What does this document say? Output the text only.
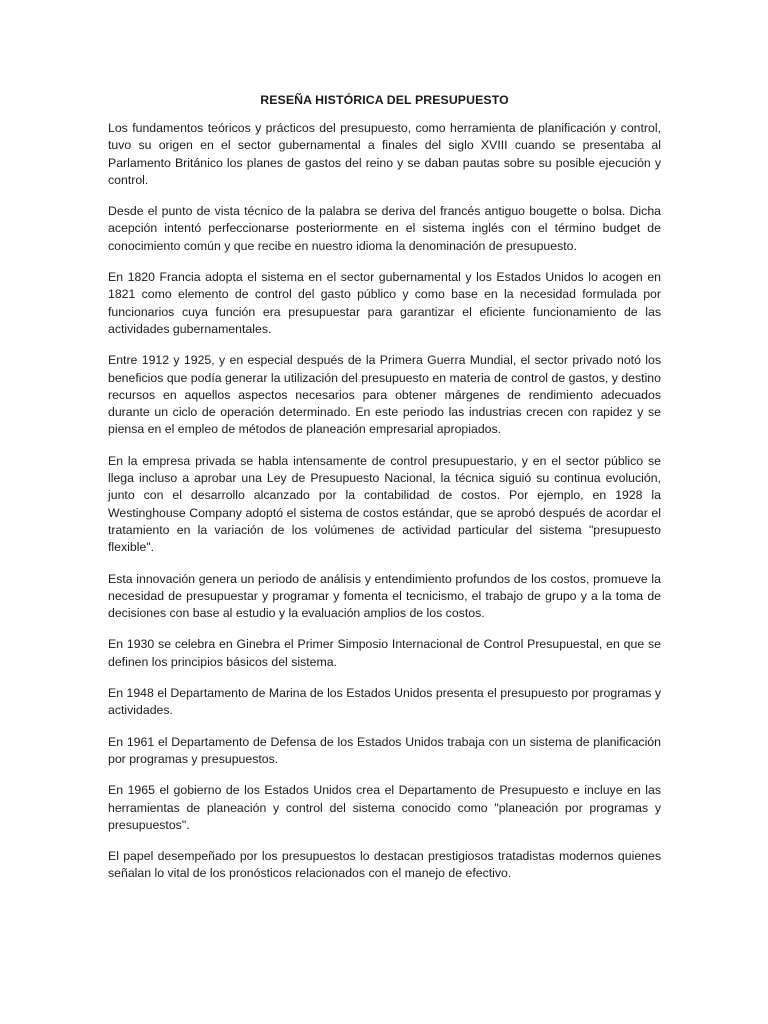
RESEÑA HISTÓRICA DEL PRESUPUESTO

Los fundamentos teóricos y prácticos del presupuesto, como herramienta de planificación y control, tuvo su origen en el sector gubernamental a finales del siglo XVIII cuando se presentaba al Parlamento Británico los planes de gastos del reino y se daban pautas sobre su posible ejecución y control.

Desde el punto de vista técnico de la palabra se deriva del francés antiguo bougette o bolsa. Dicha acepción intentó perfeccionarse posteriormente en el sistema inglés con el término budget de conocimiento común y que recibe en nuestro idioma la denominación de presupuesto.

En 1820 Francia adopta el sistema en el sector gubernamental y los Estados Unidos lo acogen en 1821 como elemento de control del gasto público y como base en la necesidad formulada por funcionarios cuya función era presupuestar para garantizar el eficiente funcionamiento de las actividades gubernamentales.

Entre 1912 y 1925, y en especial después de la Primera Guerra Mundial, el sector privado notó los beneficios que podía generar la utilización del presupuesto en materia de control de gastos, y destino recursos en aquellos aspectos necesarios para obtener márgenes de rendimiento adecuados durante un ciclo de operación determinado. En este periodo las industrias crecen con rapidez y se piensa en el empleo de métodos de planeación empresarial apropiados.

En la empresa privada se habla intensamente de control presupuestario, y en el sector público se llega incluso a aprobar una Ley de Presupuesto Nacional, la técnica siguió su continua evolución, junto con el desarrollo alcanzado por la contabilidad de costos. Por ejemplo, en 1928 la Westinghouse Company adoptó el sistema de costos estándar, que se aprobó después de acordar el tratamiento en la variación de los volúmenes de actividad particular del sistema "presupuesto flexible".

Esta innovación genera un periodo de análisis y entendimiento profundos de los costos, promueve la necesidad de presupuestar y programar y fomenta el tecnicismo, el trabajo de grupo y a la toma de decisiones con base al estudio y la evaluación amplios de los costos.

En 1930 se celebra en Ginebra el Primer Simposio Internacional de Control Presupuestal, en que se definen los principios básicos del sistema.

En 1948 el Departamento de Marina de los Estados Unidos presenta el presupuesto por programas y actividades.

En 1961 el Departamento de Defensa de los Estados Unidos trabaja con un sistema de planificación por programas y presupuestos.

En 1965 el gobierno de los Estados Unidos crea el Departamento de Presupuesto e incluye en las herramientas de planeación y control del sistema conocido como "planeación por programas y presupuestos".

El papel desempeñado por los presupuestos lo destacan prestigiosos tratadistas modernos quienes señalan lo vital de los pronósticos relacionados con el manejo de efectivo.
